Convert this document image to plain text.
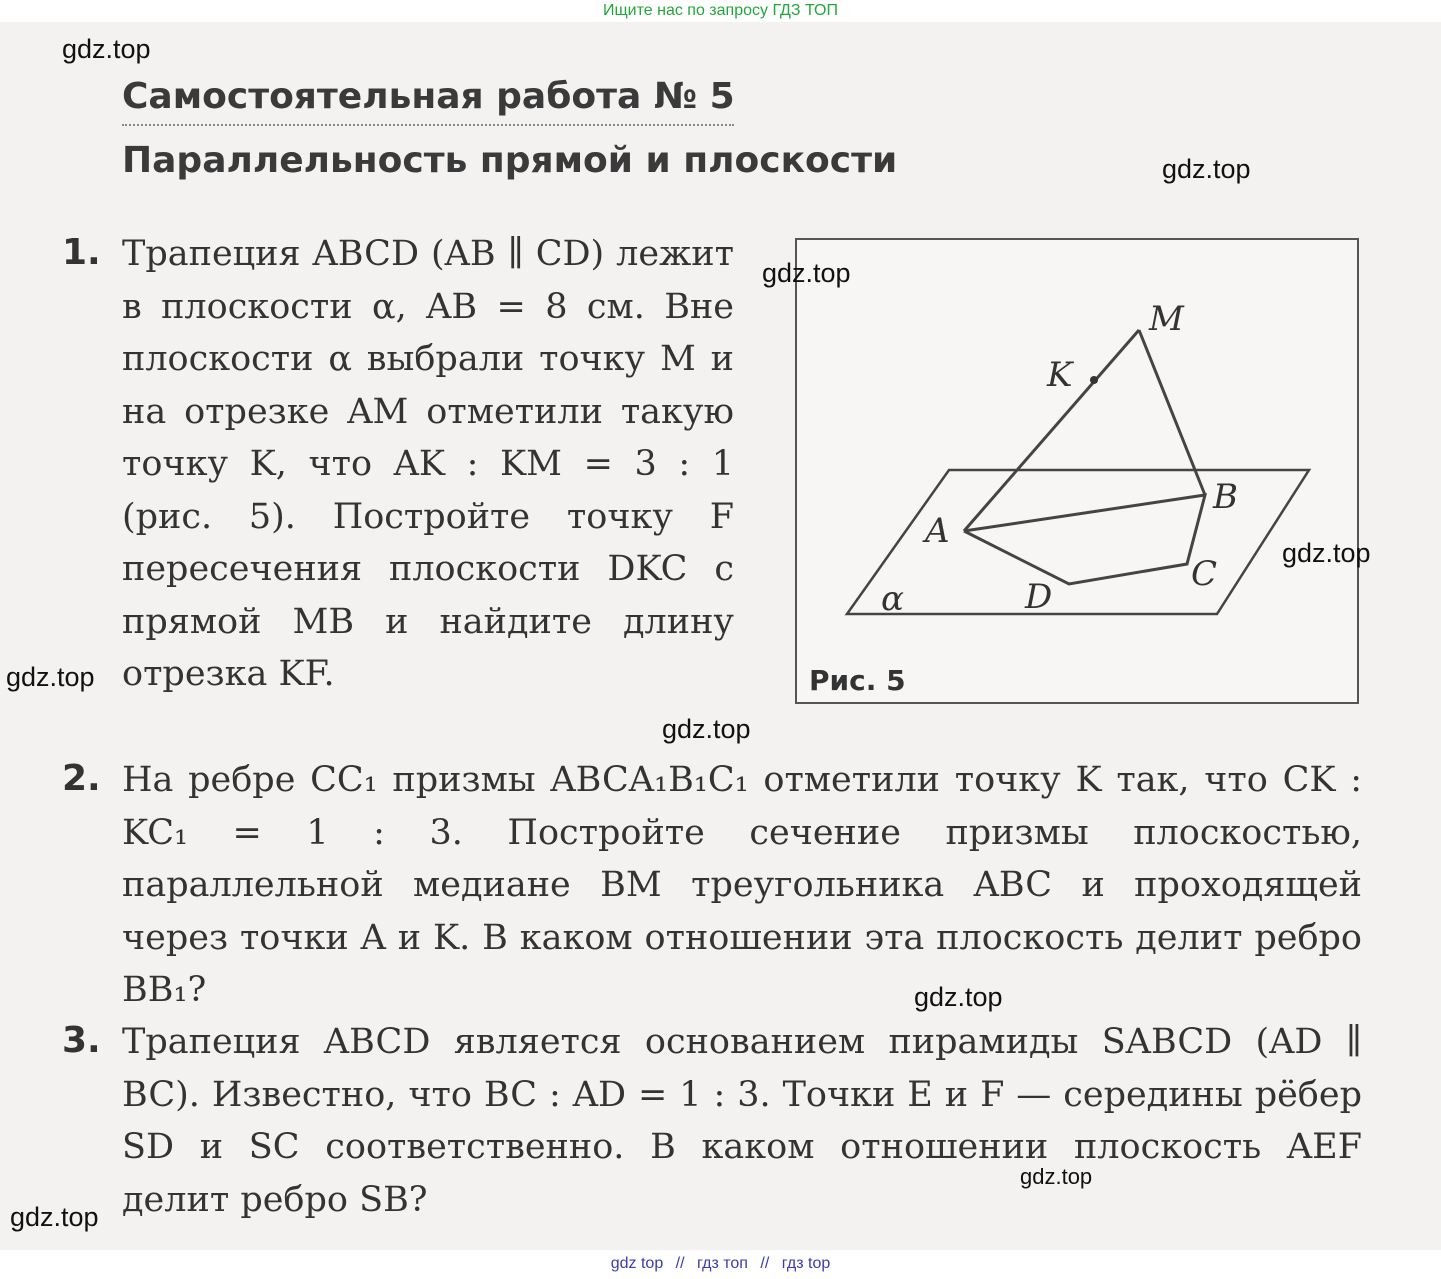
Ищите нас по запросу ГДЗ ТОП
Самостоятельная работа № 5
Параллельность прямой и плоскости
1. Трапеция ABCD (AB ∥ CD) лежит в плоскости α, AB = 8 см. Вне плоскости α выбрали точку M и на отрезке AM отметили такую точку K, что AK : KM = 3 : 1 (рис. 5). Постройте точку F пересечения плоскости DKC с прямой MB и найдите длину отрезка KF.

2. На ребре CC₁ призмы ABCA₁B₁C₁ отметили точку K так, что CK : KC₁ = 1 : 3. Постройте сечение призмы плоскостью, параллельной медиане BM треугольника ABC и проходящей через точки A и K. В каком отношении эта плоскость делит ребро BB₁?

3. Трапеция ABCD является основанием пирамиды SABCD (AD ∥ BC). Известно, что BC : AD = 1 : 3. Точки E и F — середины рёбер SD и SC соответственно. В каком отношении плоскость AEF делит ребро SB?

M
K
A
B
C
D
α
Рис. 5
gdz.top
gdz.top
gdz.top
gdz.top
gdz.top
gdz.top
gdz.top
gdz.top
gdz.top
gdz top // гдз топ // гдз top
